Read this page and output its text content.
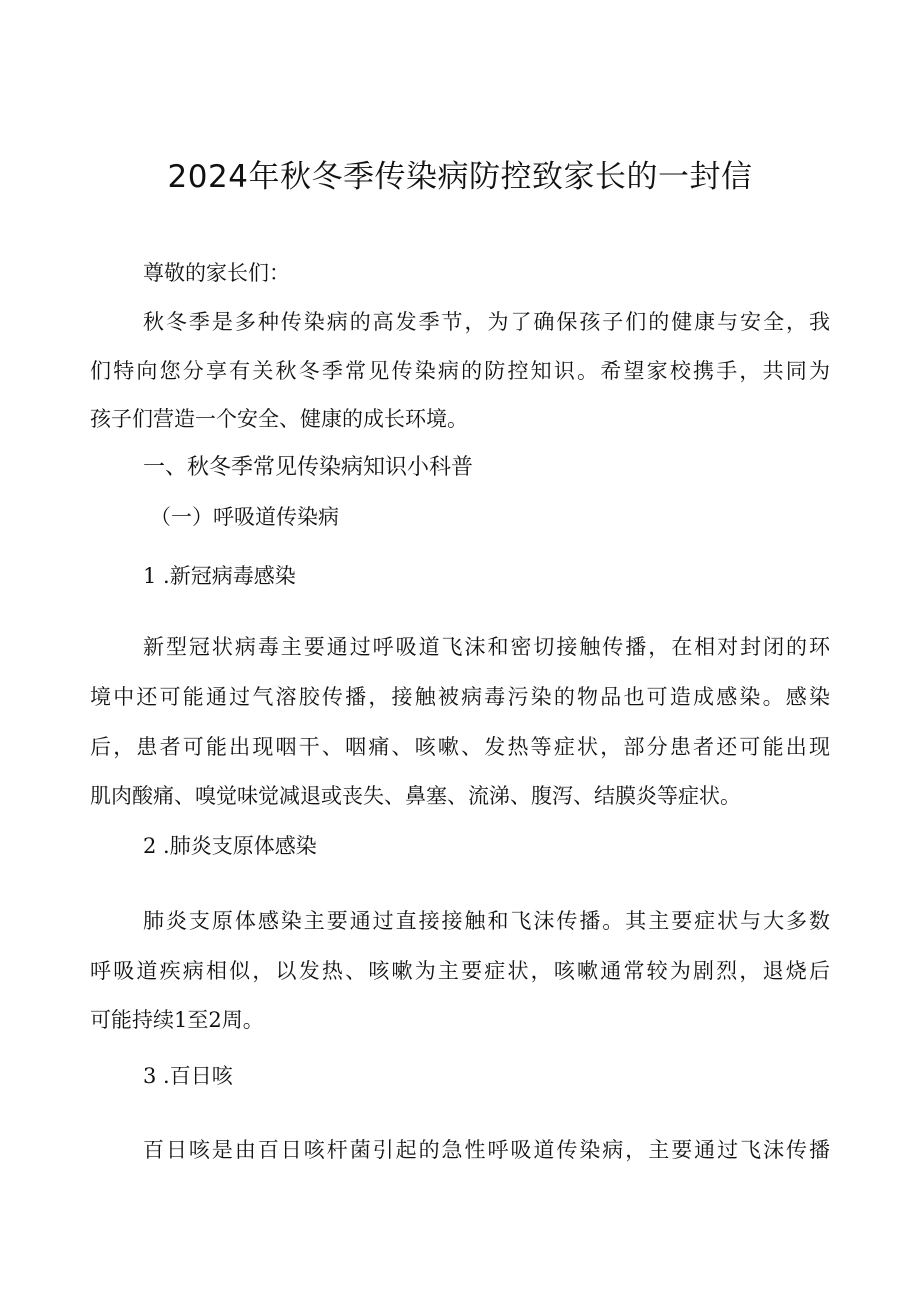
2024年秋冬季传染病防控致家长的一封信
尊敬的家长们：
秋冬季是多种传染病的高发季节，为了确保孩子们的健康与安全，我
们特向您分享有关秋冬季常见传染病的防控知识。希望家校携手，共同为
孩子们营造一个安全、健康的成长环境。
一、秋冬季常见传染病知识小科普
（一）呼吸道传染病
1 .新冠病毒感染
新型冠状病毒主要通过呼吸道飞沫和密切接触传播，在相对封闭的环
境中还可能通过气溶胶传播，接触被病毒污染的物品也可造成感染。感染
后，患者可能出现咽干、咽痛、咳嗽、发热等症状，部分患者还可能出现
肌肉酸痛、嗅觉味觉减退或丧失、鼻塞、流涕、腹泻、结膜炎等症状。
2 .肺炎支原体感染
肺炎支原体感染主要通过直接接触和飞沫传播。其主要症状与大多数
呼吸道疾病相似，以发热、咳嗽为主要症状，咳嗽通常较为剧烈，退烧后
可能持续1至2周。
3 .百日咳
百日咳是由百日咳杆菌引起的急性呼吸道传染病，主要通过飞沫传播
